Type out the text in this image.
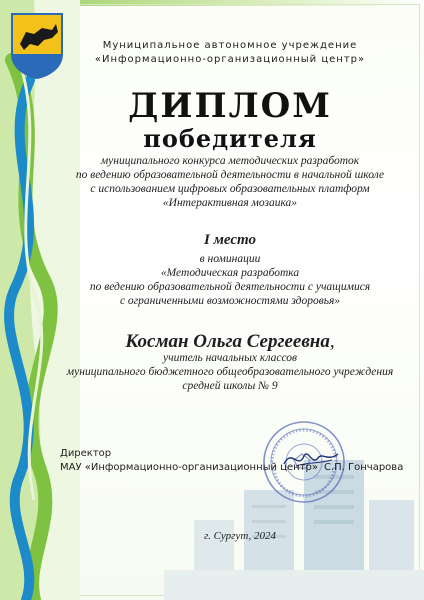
Муниципальное автономное учреждение
«Информационно-организационный центр»
ДИПЛОМ
победителя
муниципального конкурса методических разработок
по ведению образовательной деятельности в начальной школе
с использованием цифровых образовательных платформ
«Интерактивная мозаика»
I место
в номинации
«Методическая разработка
по ведению образовательной деятельности с учащимися
с ограниченными возможностями здоровья»
Косман Ольга Сергеевна,
учитель начальных классов
муниципального бюджетного общеобразовательного учреждения
средней школы № 9
Директор
МАУ «Информационно-организационный центр» С.П. Гончарова
г. Сургут, 2024
